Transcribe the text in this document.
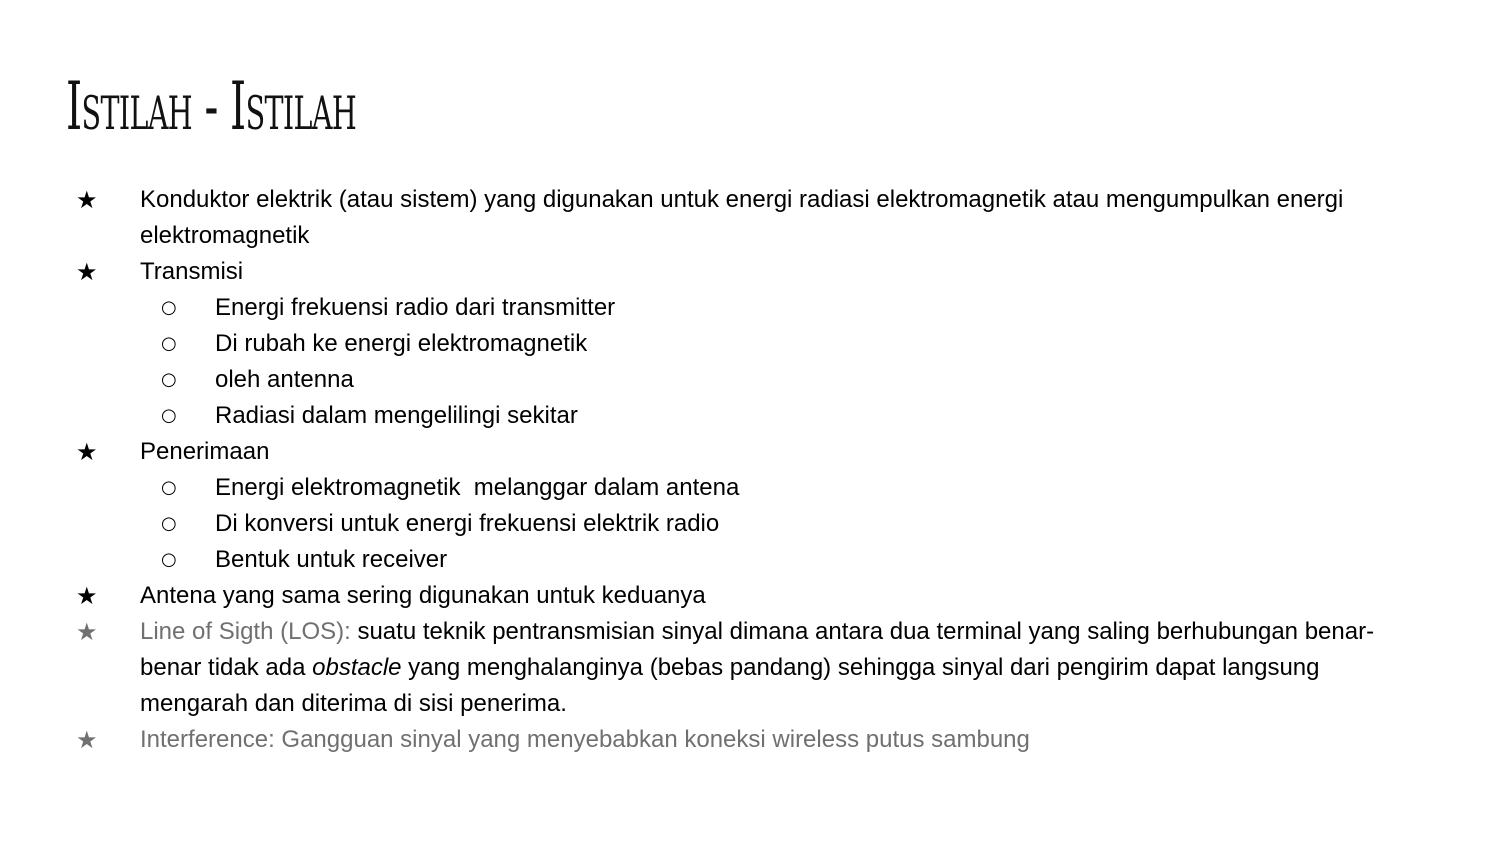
Istilah - Istilah
★	Konduktor elektrik (atau sistem) yang digunakan untuk energi radiasi elektromagnetik atau mengumpulkan energi elektromagnetik
★	Transmisi
○	Energi frekuensi radio dari transmitter
○	Di rubah ke energi elektromagnetik
○	oleh antenna
○	Radiasi dalam mengelilingi sekitar
★	Penerimaan
○	Energi elektromagnetik  melanggar dalam antena
○	Di konversi untuk energi frekuensi elektrik radio
○	Bentuk untuk receiver
★	Antena yang sama sering digunakan untuk keduanya
★	Line of Sigth (LOS): suatu teknik pentransmisian sinyal dimana antara dua terminal yang saling berhubungan benar-benar tidak ada obstacle yang menghalanginya (bebas pandang) sehingga sinyal dari pengirim dapat langsung mengarah dan diterima di sisi penerima.
★	Interference: Gangguan sinyal yang menyebabkan koneksi wireless putus sambung
